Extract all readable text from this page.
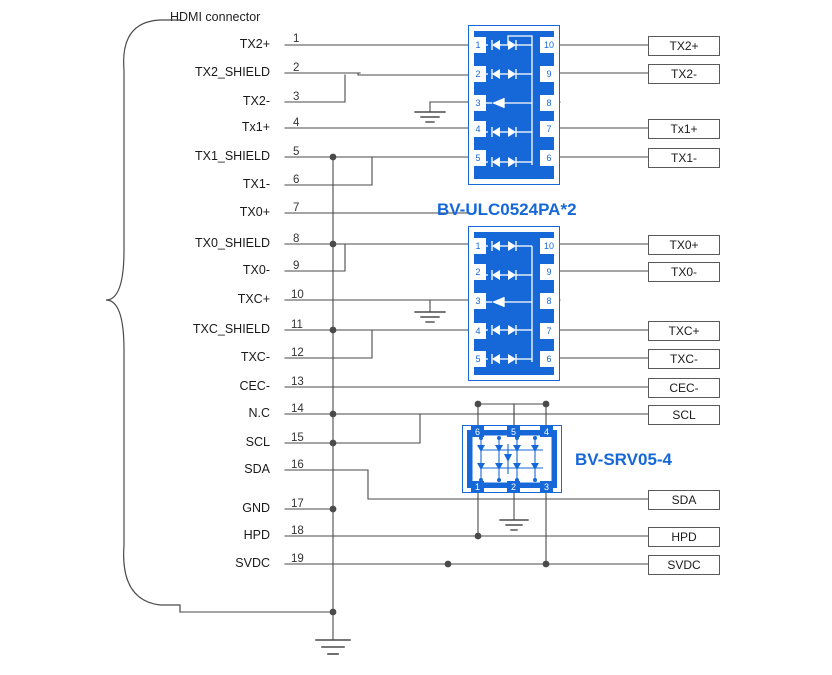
HDMI connector
TX2+ 1
TX2_SHIELD 2
TX2- 3
Tx1+ 4
TX1_SHIELD 5
TX1- 6
TX0+ 7
TX0_SHIELD 8
TX0- 9
TXC+ 10
TXC_SHIELD 11
TXC- 12
CEC- 13
N.C 14
SCL 15
SDA 16
GND 17
HPD 18
SVDC 19
1
2
3
4
5
10
9
8
7
6
BV-ULC0524PA*2
1
2
3
4
5
10
9
8
7
6
6	5	4
1	2	3
BV-SRV05-4
TX2+
TX2-
Tx1+
TX1-
TX0+
TX0-
TXC+
TXC-
CEC-
SCL
SDA
HPD
SVDC
